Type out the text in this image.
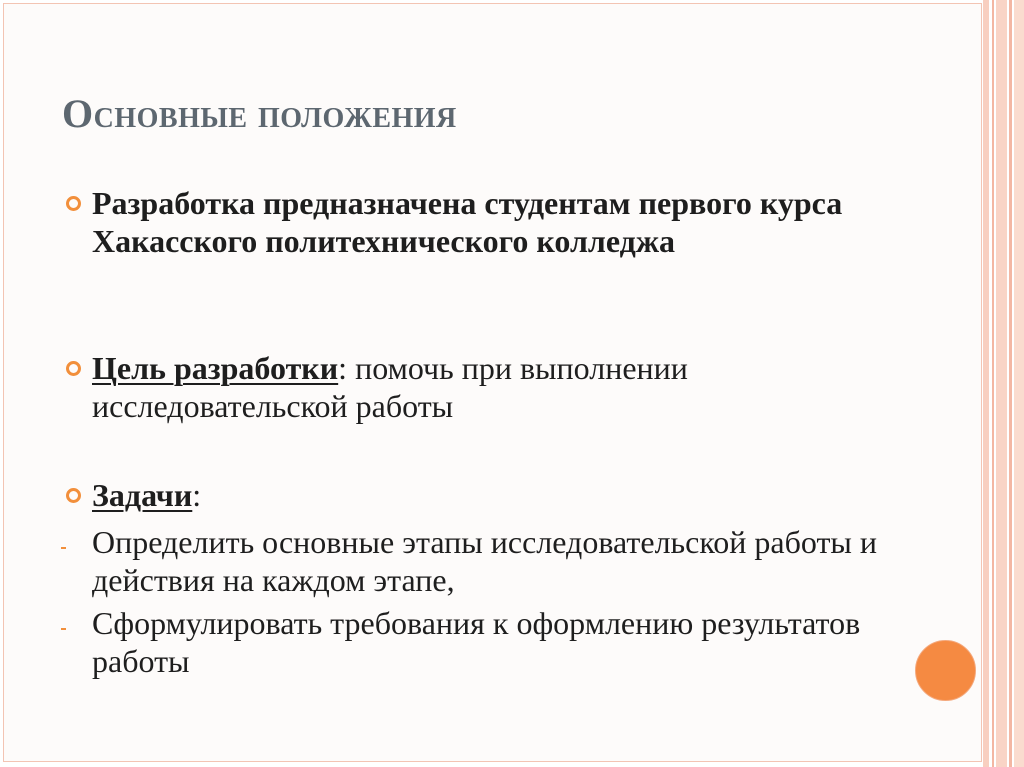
Основные положения
Разработка предназначена студентам первого курса Хакасского политехнического колледжа
Цель разработки: помочь при выполнении исследовательской работы
Задачи:
Определить основные этапы исследовательской работы и действия на каждом этапе,
Сформулировать требования к оформлению результатов работы
